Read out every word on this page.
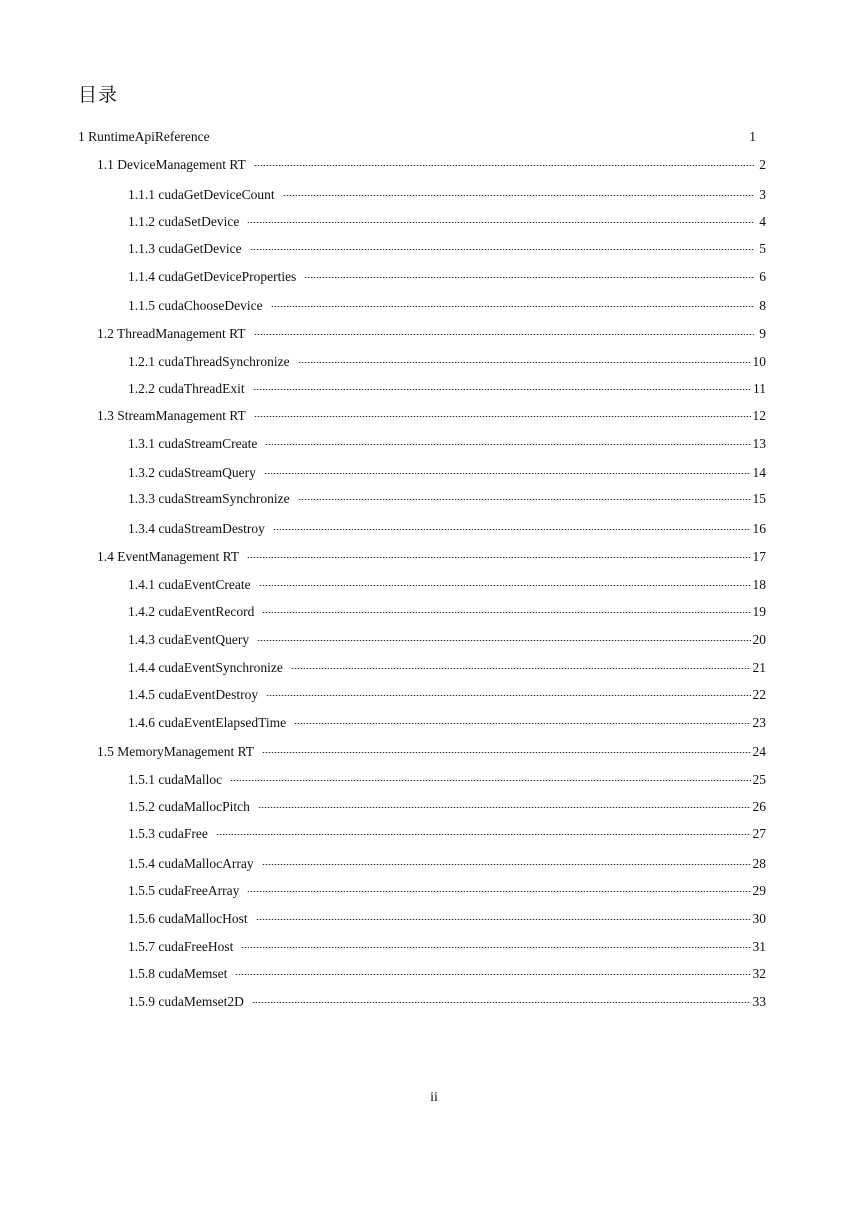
目录
1 RuntimeApiReference	1
1.1 DeviceManagement RT	2
1.1.1 cudaGetDeviceCount	3
1.1.2 cudaSetDevice	4
1.1.3 cudaGetDevice	5
1.1.4 cudaGetDeviceProperties	6
1.1.5 cudaChooseDevice	8
1.2 ThreadManagement RT	9
1.2.1 cudaThreadSynchronize	10
1.2.2 cudaThreadExit	11
1.3 StreamManagement RT	12
1.3.1 cudaStreamCreate	13
1.3.2 cudaStreamQuery	14
1.3.3 cudaStreamSynchronize	15
1.3.4 cudaStreamDestroy	16
1.4 EventManagement RT	17
1.4.1 cudaEventCreate	18
1.4.2 cudaEventRecord	19
1.4.3 cudaEventQuery	20
1.4.4 cudaEventSynchronize	21
1.4.5 cudaEventDestroy	22
1.4.6 cudaEventElapsedTime	23
1.5 MemoryManagement RT	24
1.5.1 cudaMalloc	25
1.5.2 cudaMallocPitch	26
1.5.3 cudaFree	27
1.5.4 cudaMallocArray	28
1.5.5 cudaFreeArray	29
1.5.6 cudaMallocHost	30
1.5.7 cudaFreeHost	31
1.5.8 cudaMemset	32
1.5.9 cudaMemset2D	33
ii
